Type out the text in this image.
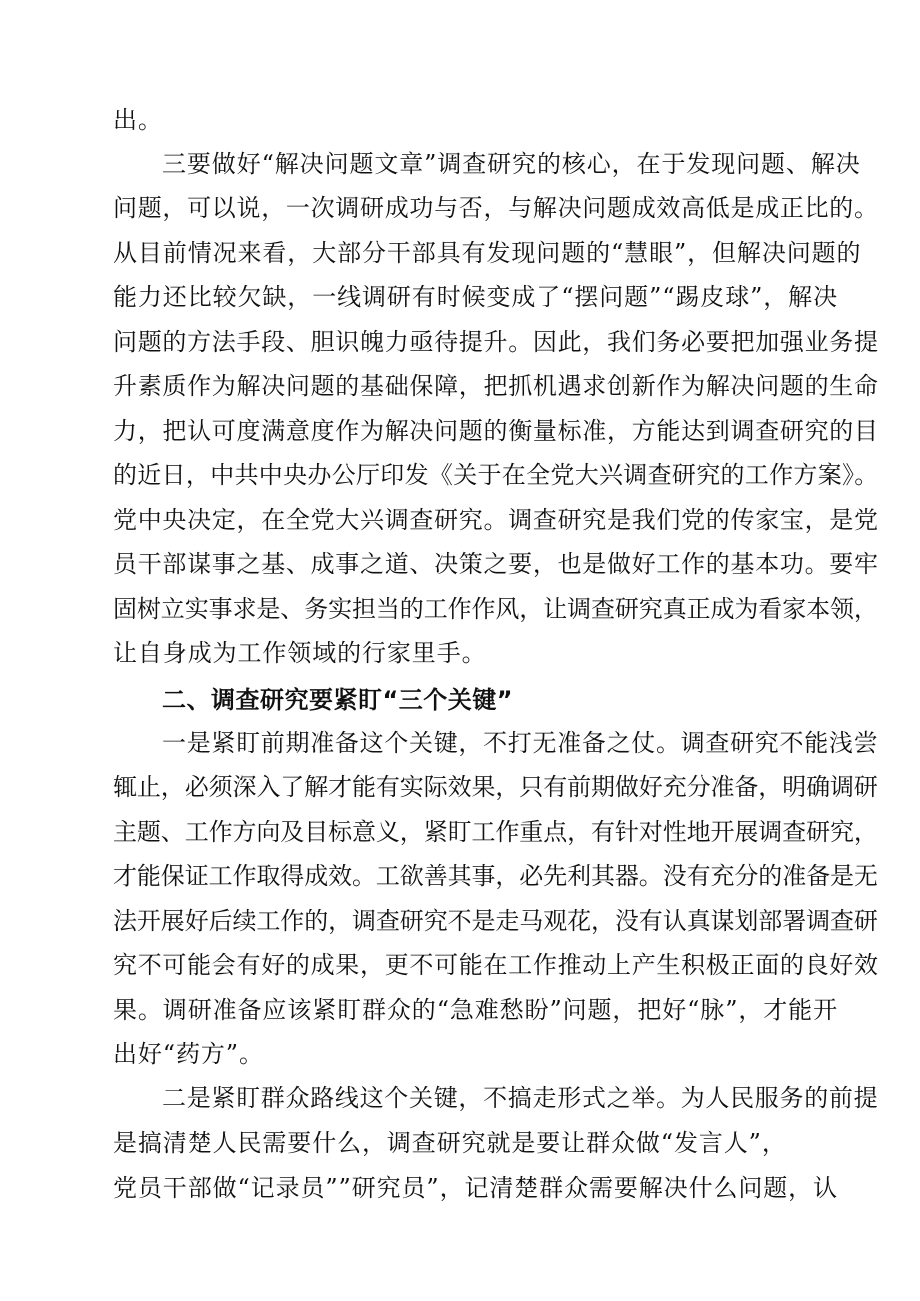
出。
三要做好“解决问题文章”调查研究的核心，在于发现问题、解决
问题，可以说，一次调研成功与否，与解决问题成效高低是成正比的。
从目前情况来看，大部分干部具有发现问题的“慧眼”，但解决问题的
能力还比较欠缺，一线调研有时候变成了“摆问题”“踢皮球”，解决
问题的方法手段、胆识魄力亟待提升。因此，我们务必要把加强业务提
升素质作为解决问题的基础保障，把抓机遇求创新作为解决问题的生命
力，把认可度满意度作为解决问题的衡量标准，方能达到调查研究的目
的近日，中共中央办公厅印发《关于在全党大兴调查研究的工作方案》。
党中央决定，在全党大兴调查研究。调查研究是我们党的传家宝，是党
员干部谋事之基、成事之道、决策之要，也是做好工作的基本功。要牢
固树立实事求是、务实担当的工作作风，让调查研究真正成为看家本领，
让自身成为工作领域的行家里手。
二、调查研究要紧盯“三个关键”
一是紧盯前期准备这个关键，不打无准备之仗。调查研究不能浅尝
辄止，必须深入了解才能有实际效果，只有前期做好充分准备，明确调研
主题、工作方向及目标意义，紧盯工作重点，有针对性地开展调查研究，
才能保证工作取得成效。工欲善其事，必先利其器。没有充分的准备是无
法开展好后续工作的，调查研究不是走马观花，没有认真谋划部署调查研
究不可能会有好的成果，更不可能在工作推动上产生积极正面的良好效
果。调研准备应该紧盯群众的“急难愁盼”问题，把好“脉”，才能开
出好“药方”。
二是紧盯群众路线这个关键，不搞走形式之举。为人民服务的前提
是搞清楚人民需要什么，调查研究就是要让群众做“发言人”，
党员干部做“记录员””研究员”，记清楚群众需要解决什么问题，认
